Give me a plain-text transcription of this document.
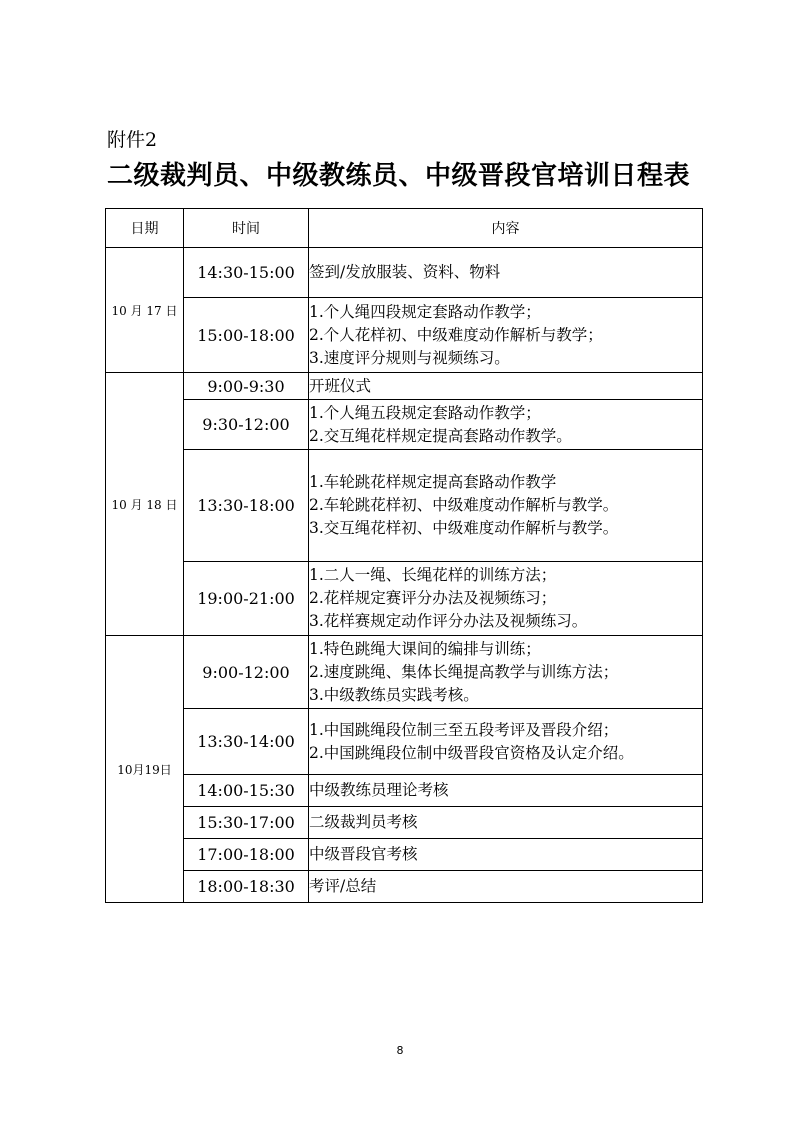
附件2
二级裁判员、中级教练员、中级晋段官培训日程表
日期	时间	内容
10 月 17 日	14:30-15:00	签到/发放服装、资料、物料

	15:00-18:00	1.个人绳四段规定套路动作教学；
2.个人花样初、中级难度动作解析与教学；
3.速度评分规则与视频练习。

10 月 18 日	9:00-9:30	开班仪式

	9:30-12:00	1.个人绳五段规定套路动作教学；
2.交互绳花样规定提高套路动作教学。

	13:30-18:00	1.车轮跳花样规定提高套路动作教学
2.车轮跳花样初、中级难度动作解析与教学。
3.交互绳花样初、中级难度动作解析与教学。

	19:00-21:00	1.二人一绳、长绳花样的训练方法；
2.花样规定赛评分办法及视频练习；
3.花样赛规定动作评分办法及视频练习。

10月19日	9:00-12:00	1.特色跳绳大课间的编排与训练；
2.速度跳绳、集体长绳提高教学与训练方法；
3.中级教练员实践考核。

	13:30-14:00	1.中国跳绳段位制三至五段考评及晋段介绍；
2.中国跳绳段位制中级晋段官资格及认定介绍。

	14:00-15:30	中级教练员理论考核

	15:30-17:00	二级裁判员考核

	17:00-18:00	中级晋段官考核

	18:00-18:30	考评/总结
8
